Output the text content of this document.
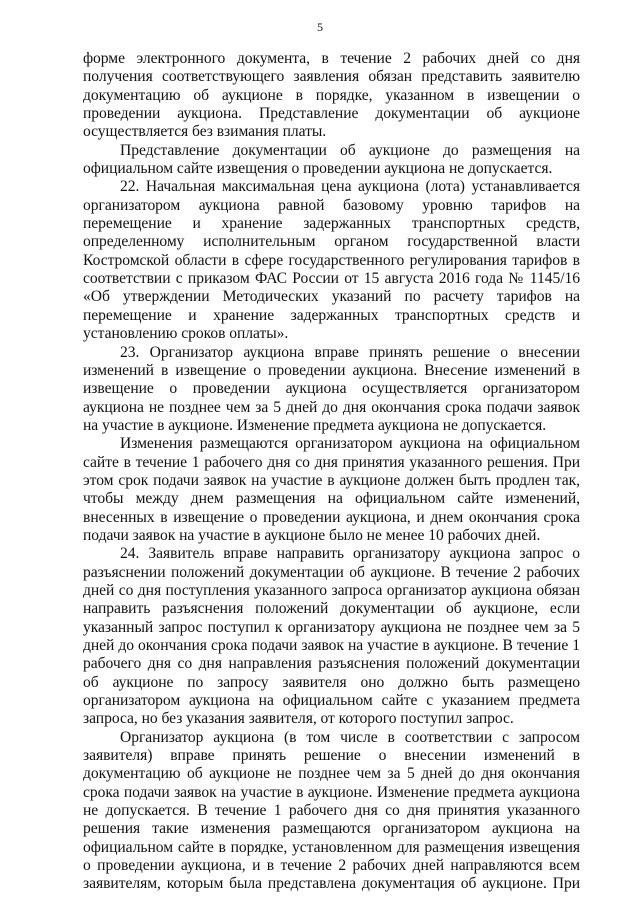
5

форме электронного документа, в течение 2 рабочих дней со дня получения соответствующего заявления обязан представить заявителю документацию об аукционе в порядке, указанном в извещении о проведении аукциона. Представление документации об аукционе осуществляется без взимания платы.

Представление документации об аукционе до размещения на официальном сайте извещения о проведении аукциона не допускается.

22. Начальная максимальная цена аукциона (лота) устанавливается организатором аукциона равной базовому уровню тарифов на перемещение и хранение задержанных транспортных средств, определенному исполнительным органом государственной власти Костромской области в сфере государственного регулирования тарифов в соответствии с приказом ФАС России от 15 августа 2016 года № 1145/16 «Об утверждении Методических указаний по расчету тарифов на перемещение и хранение задержанных транспортных средств и установлению сроков оплаты».

23. Организатор аукциона вправе принять решение о внесении изменений в извещение о проведении аукциона. Внесение изменений в извещение о проведении аукциона осуществляется организатором аукциона не позднее чем за 5 дней до дня окончания срока подачи заявок на участие в аукционе. Изменение предмета аукциона не допускается.

Изменения размещаются организатором аукциона на официальном сайте в течение 1 рабочего дня со дня принятия указанного решения. При этом срок подачи заявок на участие в аукционе должен быть продлен так, чтобы между днем размещения на официальном сайте изменений, внесенных в извещение о проведении аукциона, и днем окончания срока подачи заявок на участие в аукционе было не менее 10 рабочих дней.

24. Заявитель вправе направить организатору аукциона запрос о разъяснении положений документации об аукционе. В течение 2 рабочих дней со дня поступления указанного запроса организатор аукциона обязан направить разъяснения положений документации об аукционе, если указанный запрос поступил к организатору аукциона не позднее чем за 5 дней до окончания срока подачи заявок на участие в аукционе. В течение 1 рабочего дня со дня направления разъяснения положений документации об аукционе по запросу заявителя оно должно быть размещено организатором аукциона на официальном сайте с указанием предмета запроса, но без указания заявителя, от которого поступил запрос.

Организатор аукциона (в том числе в соответствии с запросом заявителя) вправе принять решение о внесении изменений в документацию об аукционе не позднее чем за 5 дней до дня окончания срока подачи заявок на участие в аукционе. Изменение предмета аукциона не допускается. В течение 1 рабочего дня со дня принятия указанного решения такие изменения размещаются организатором аукциона на официальном сайте в порядке, установленном для размещения извещения о проведении аукциона, и в течение 2 рабочих дней направляются всем заявителям, которым была представлена документация об аукционе. При
